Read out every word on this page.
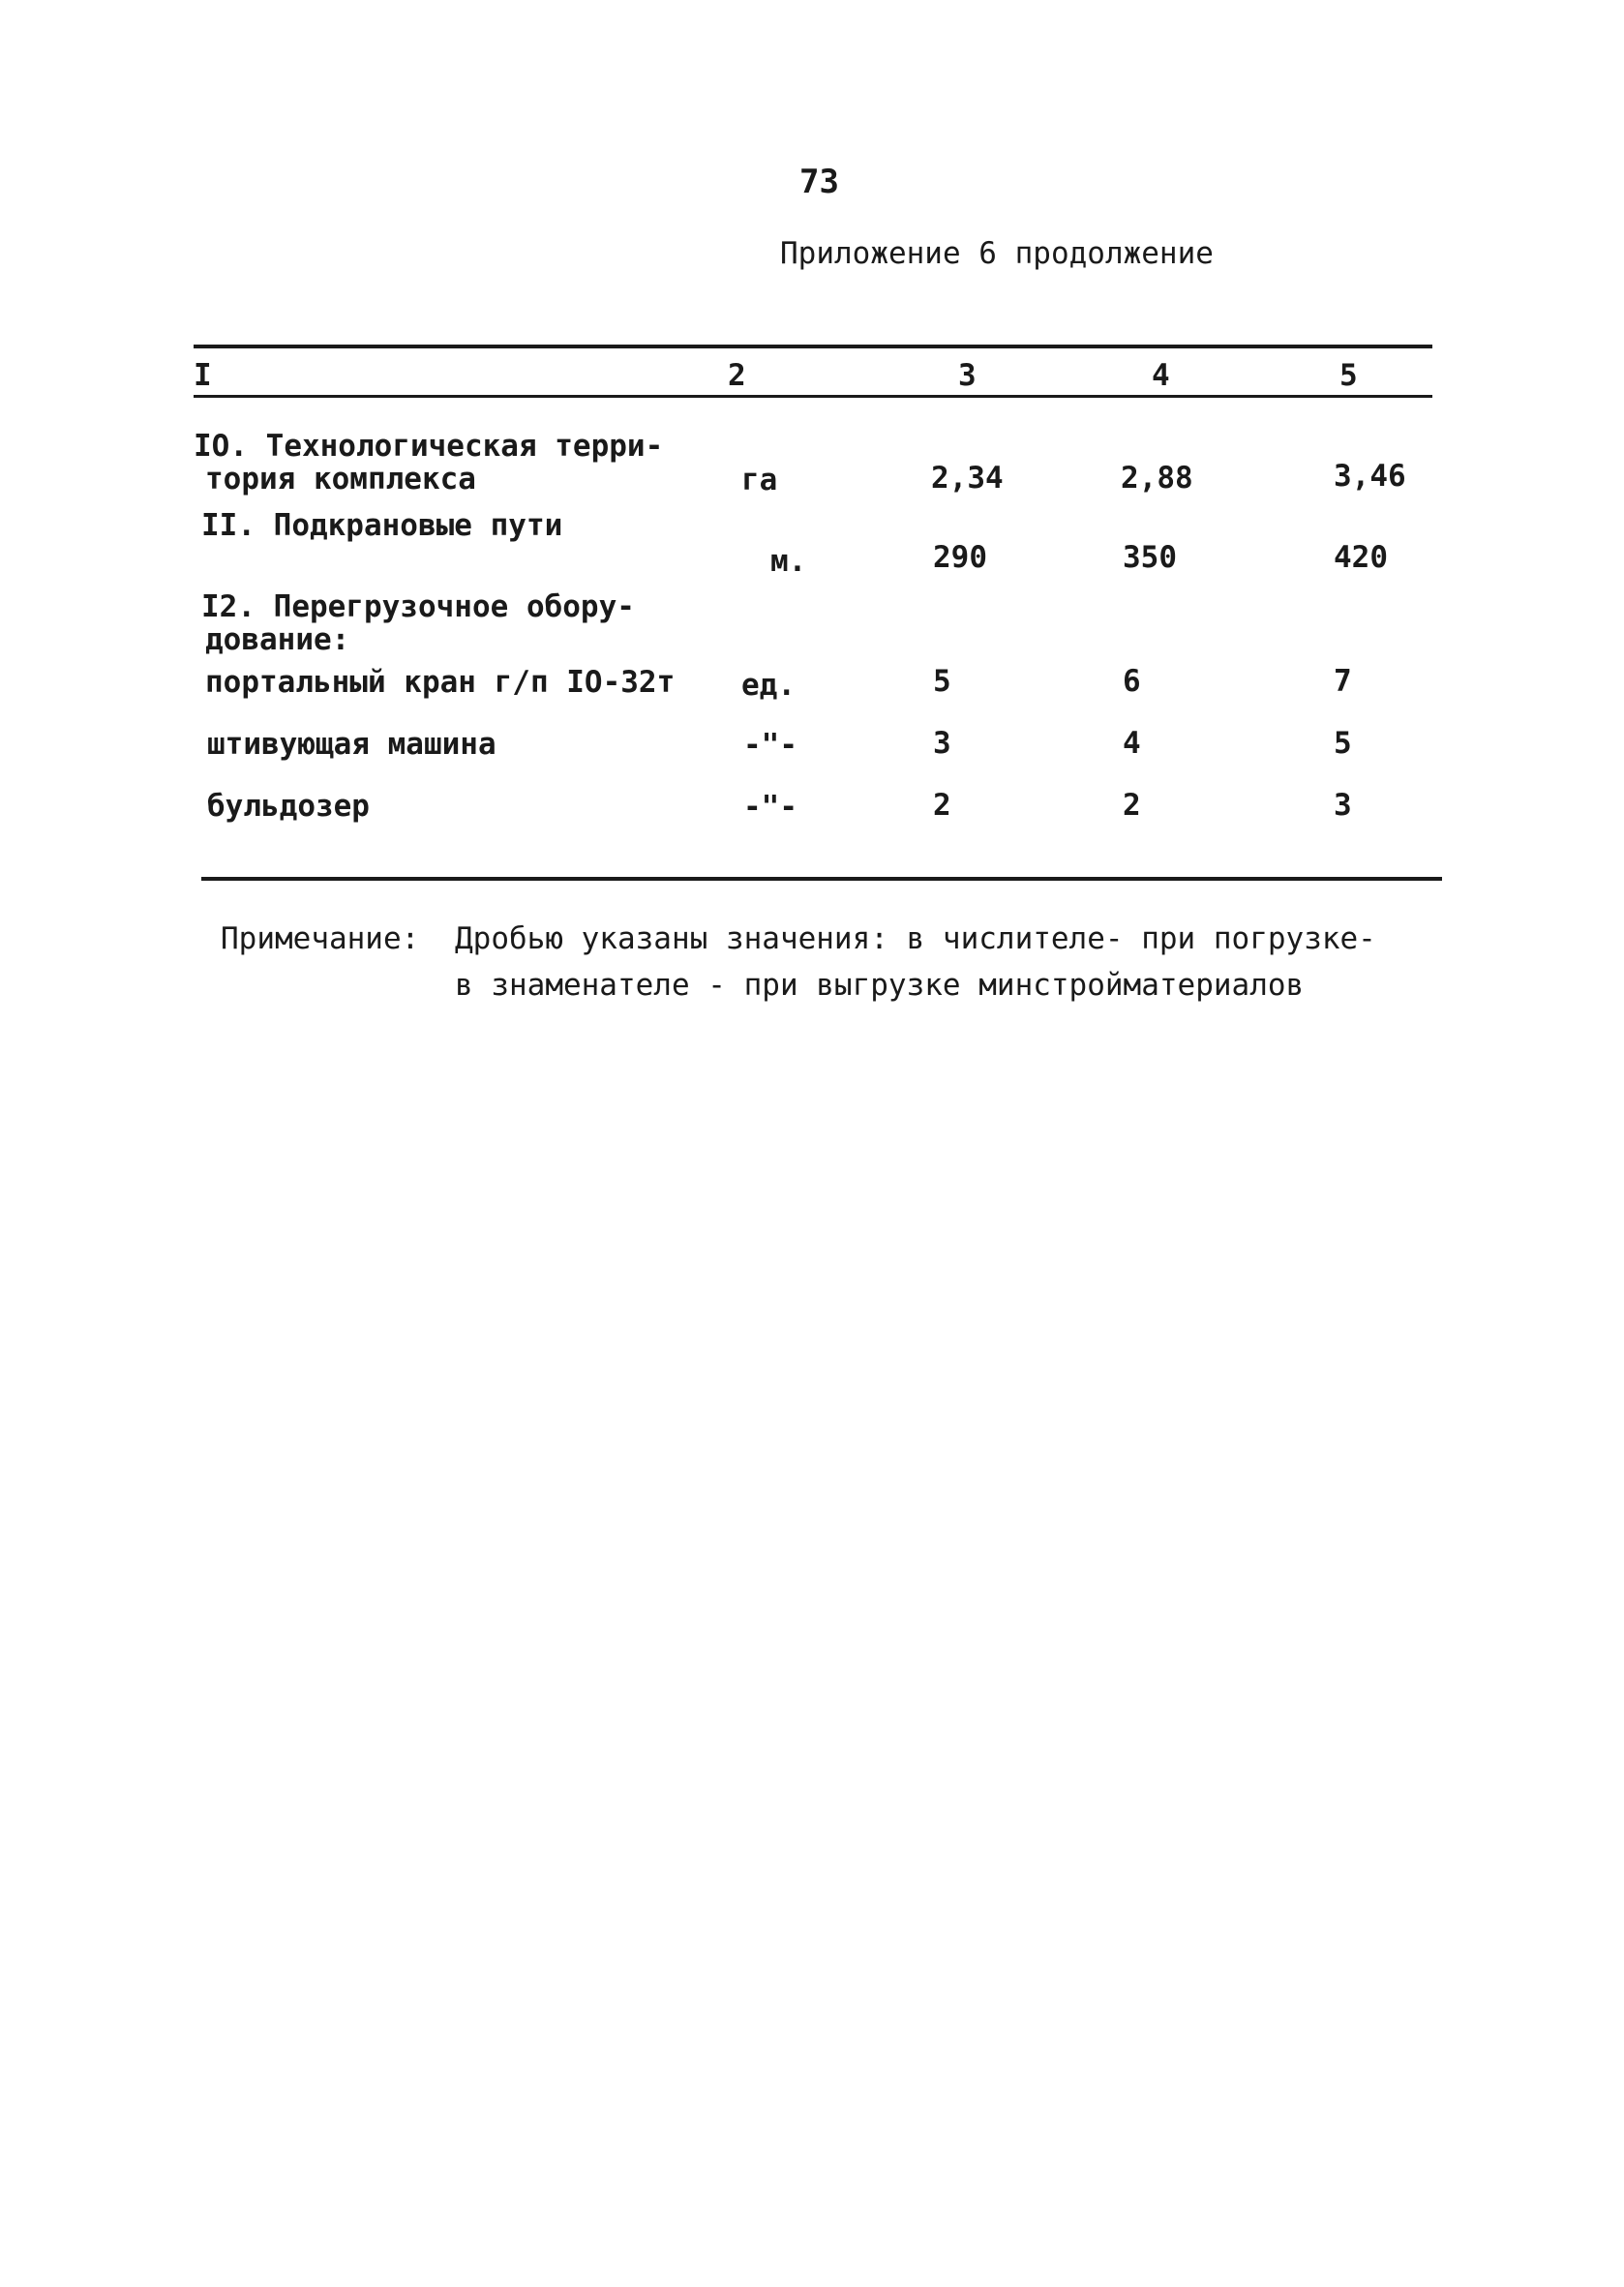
73
Приложение 6 продолжение
I	2	3	4	5
IO. Технологическая терри-
тория комплекса	га	2,34	2,88	3,46
II. Подкрановые пути
м.	290	350	420
I2. Перегрузочное обору-
дование:
портальный кран г/п IO-32т ед.	5	6	7
штивующая машина	-"-	3	4	5
бульдозер	-"-	2	2	3
Примечание: Дробью указаны значения: в числителе- при погрузке-
в знаменателе - при выгрузке минстройматериалов
